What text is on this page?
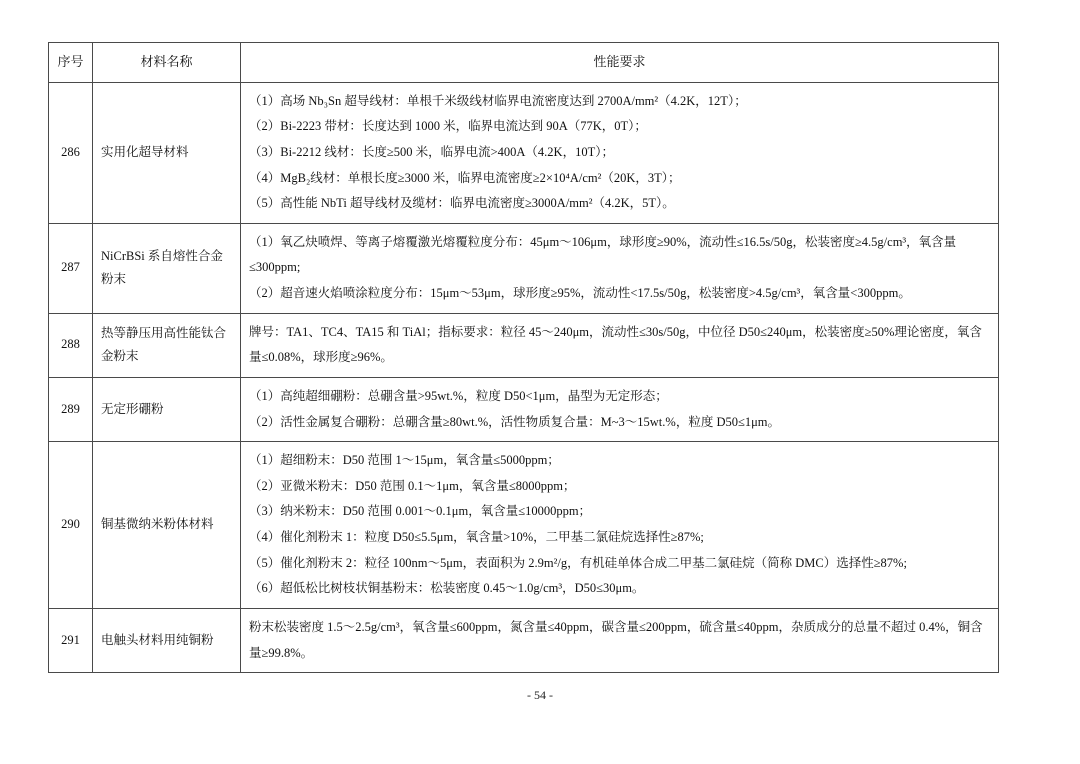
序号	材料名称	性能要求
286	实用化超导材料	（1）高场 Nb₃Sn 超导线材：单根千米级线材临界电流密度达到 2700A/mm²（4.2K，12T）；
（2）Bi-2223 带材：长度达到 1000 米，临界电流达到 90A（77K，0T）；
（3）Bi-2212 线材：长度≥500 米，临界电流>400A（4.2K，10T）；
（4）MgB₂线材：单根长度≥3000 米，临界电流密度≥2×10⁴A/cm²（20K，3T）；
（5）高性能 NbTi 超导线材及缆材：临界电流密度≥3000A/mm²（4.2K，5T）。

287	NiCrBSi 系自熔性合金粉末	（1）氧乙炔喷焊、等离子熔覆激光熔覆粒度分布：45μm～106μm，球形度≥90%，流动性≤16.5s/50g，松装密度≥4.5g/cm³，氧含量≤300ppm;
（2）超音速火焰喷涂粒度分布：15μm～53μm，球形度≥95%，流动性<17.5s/50g，松装密度>4.5g/cm³，氧含量<300ppm。

288	热等静压用高性能钛合金粉末	牌号：TA1、TC4、TA15 和 TiAl；指标要求：粒径 45～240μm，流动性≤30s/50g，中位径 D50≤240μm，松装密度≥50%理论密度，氧含量≤0.08%，球形度≥96%。

289	无定形硼粉	（1）高纯超细硼粉：总硼含量>95wt.%，粒度 D50<1μm，晶型为无定形态；
（2）活性金属复合硼粉：总硼含量≥80wt.%，活性物质复合量：M~3～15wt.%，粒度 D50≤1μm。

290	铜基微纳米粉体材料	
（1）超细粉末：D50 范围 1～15μm，氧含量≤5000ppm；
（2）亚微米粉末：D50 范围 0.1～1μm，氧含量≤8000ppm；
（3）纳米粉末：D50 范围 0.001～0.1μm，氧含量≤10000ppm；
（4）催化剂粉末 1：粒度 D50≤5.5μm，氧含量>10%，二甲基二氯硅烷选择性≥87%;
（5）催化剂粉末 2：粒径 100nm～5μm，表面积为 2.9m²/g，有机硅单体合成二甲基二氯硅烷（简称 DMC）选择性≥87%;
（6）超低松比树枝状铜基粉末：松装密度 0.45～1.0g/cm³，D50≤30μm。

291	电触头材料用纯铜粉	粉末松装密度 1.5～2.5g/cm³，氧含量≤600ppm，氮含量≤40ppm，碳含量≤200ppm，硫含量≤40ppm，杂质成分的总量不超过 0.4%，铜含量≥99.8%。
- 54 -
